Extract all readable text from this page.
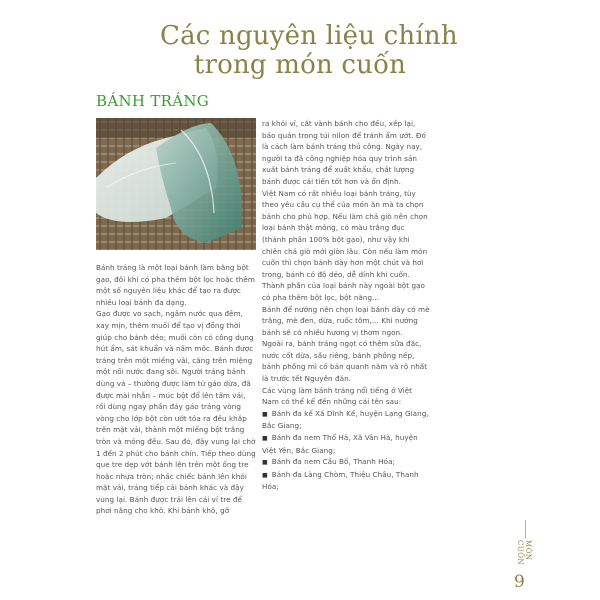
Các nguyên liệu chính
trong món cuốn
BÁNH TRÁNG

Bánh tráng là một loại bánh làm bằng bột gạo, đôi khi có pha thêm bột lọc hoặc thêm một số nguyên liệu khác để tạo ra được nhiều loại bánh đa dạng.

Gạo được vo sạch, ngâm nước qua đêm, xay mịn, thêm muối để tạo vị đồng thời giúp cho bánh dẻo; muối còn có công dụng hút ẩm, sát khuẩn và nấm mốc. Bánh được tráng trên một miếng vải, căng trên miệng một nồi nước đang sôi. Người tráng bánh dùng vá – thường được làm từ gáo dừa, đã được mài nhẵn – múc bột đổ lên tấm vải, rồi dùng ngay phần đáy gáo tráng vòng vòng cho lớp bột còn ướt tỏa ra đều khắp trên mặt vải, thành một miếng bột trắng tròn và mỏng đều. Sau đó, đậy vung lại chờ 1 đến 2 phút cho bánh chín. Tiếp theo dùng que tre dẹp vớt bánh lên trên một ống tre hoặc nhựa tròn; nhấc chiếc bánh lên khỏi mặt vải, tráng tiếp cái bánh khác và đậy vung lại. Bánh được trải lên cái vỉ tre để phơi nắng cho khô. Khi bánh khô, gỡ

ra khỏi vỉ, cắt vành bánh cho đều, xếp lại, bảo quản trong túi nilon để tránh ẩm ướt. Đó là cách làm bánh tráng thủ công. Ngày nay, người ta đã công nghiệp hóa quy trình sản xuất bánh tráng để xuất khẩu, chất lượng bánh được cải tiến tốt hơn và ổn định.

Việt Nam có rất nhiều loại bánh tráng, tùy theo yêu cầu cụ thể của món ăn mà ta chọn bánh cho phù hợp. Nếu làm chả giò nên chọn loại bánh thật mỏng, có màu trắng đục (thành phần 100% bột gạo), như vậy khi chiên chả giò mới giòn lâu. Còn nếu làm món cuốn thì chọn bánh dày hơn một chút và hơi trong, bánh có độ dẻo, dễ dính khi cuốn. Thành phần của loại bánh này ngoài bột gạo có pha thêm bột lọc, bột năng...

Bánh để nướng nên chọn loại bánh dày có mè trắng, mè đen, dừa, ruốc tôm,... Khi nướng bánh sẽ có nhiều hương vị thơm ngon.

Ngoài ra, bánh tráng ngọt có thêm sữa đặc, nước cốt dừa, sầu riêng, bánh phồng nếp, bánh phồng mì cố bán quanh năm và rộ nhất là trước tết Nguyên đán.

Các vùng làm bánh tráng nổi tiếng ở Việt Nam có thể kể đến những cái tên sau:

■ Bánh đa kế Xã Dĩnh Kế, huyện Lạng Giang, Bắc Giang;
■ Bánh đa nem Thổ Hà, Xã Vân Hà, huyện Việt Yên, Bắc Giang;
■ Bánh đa nem Cầu Bố, Thanh Hóa;
■ Bánh đa Làng Chòm, Thiệu Châu, Thanh Hóa;
MÓN CUỐN
9
